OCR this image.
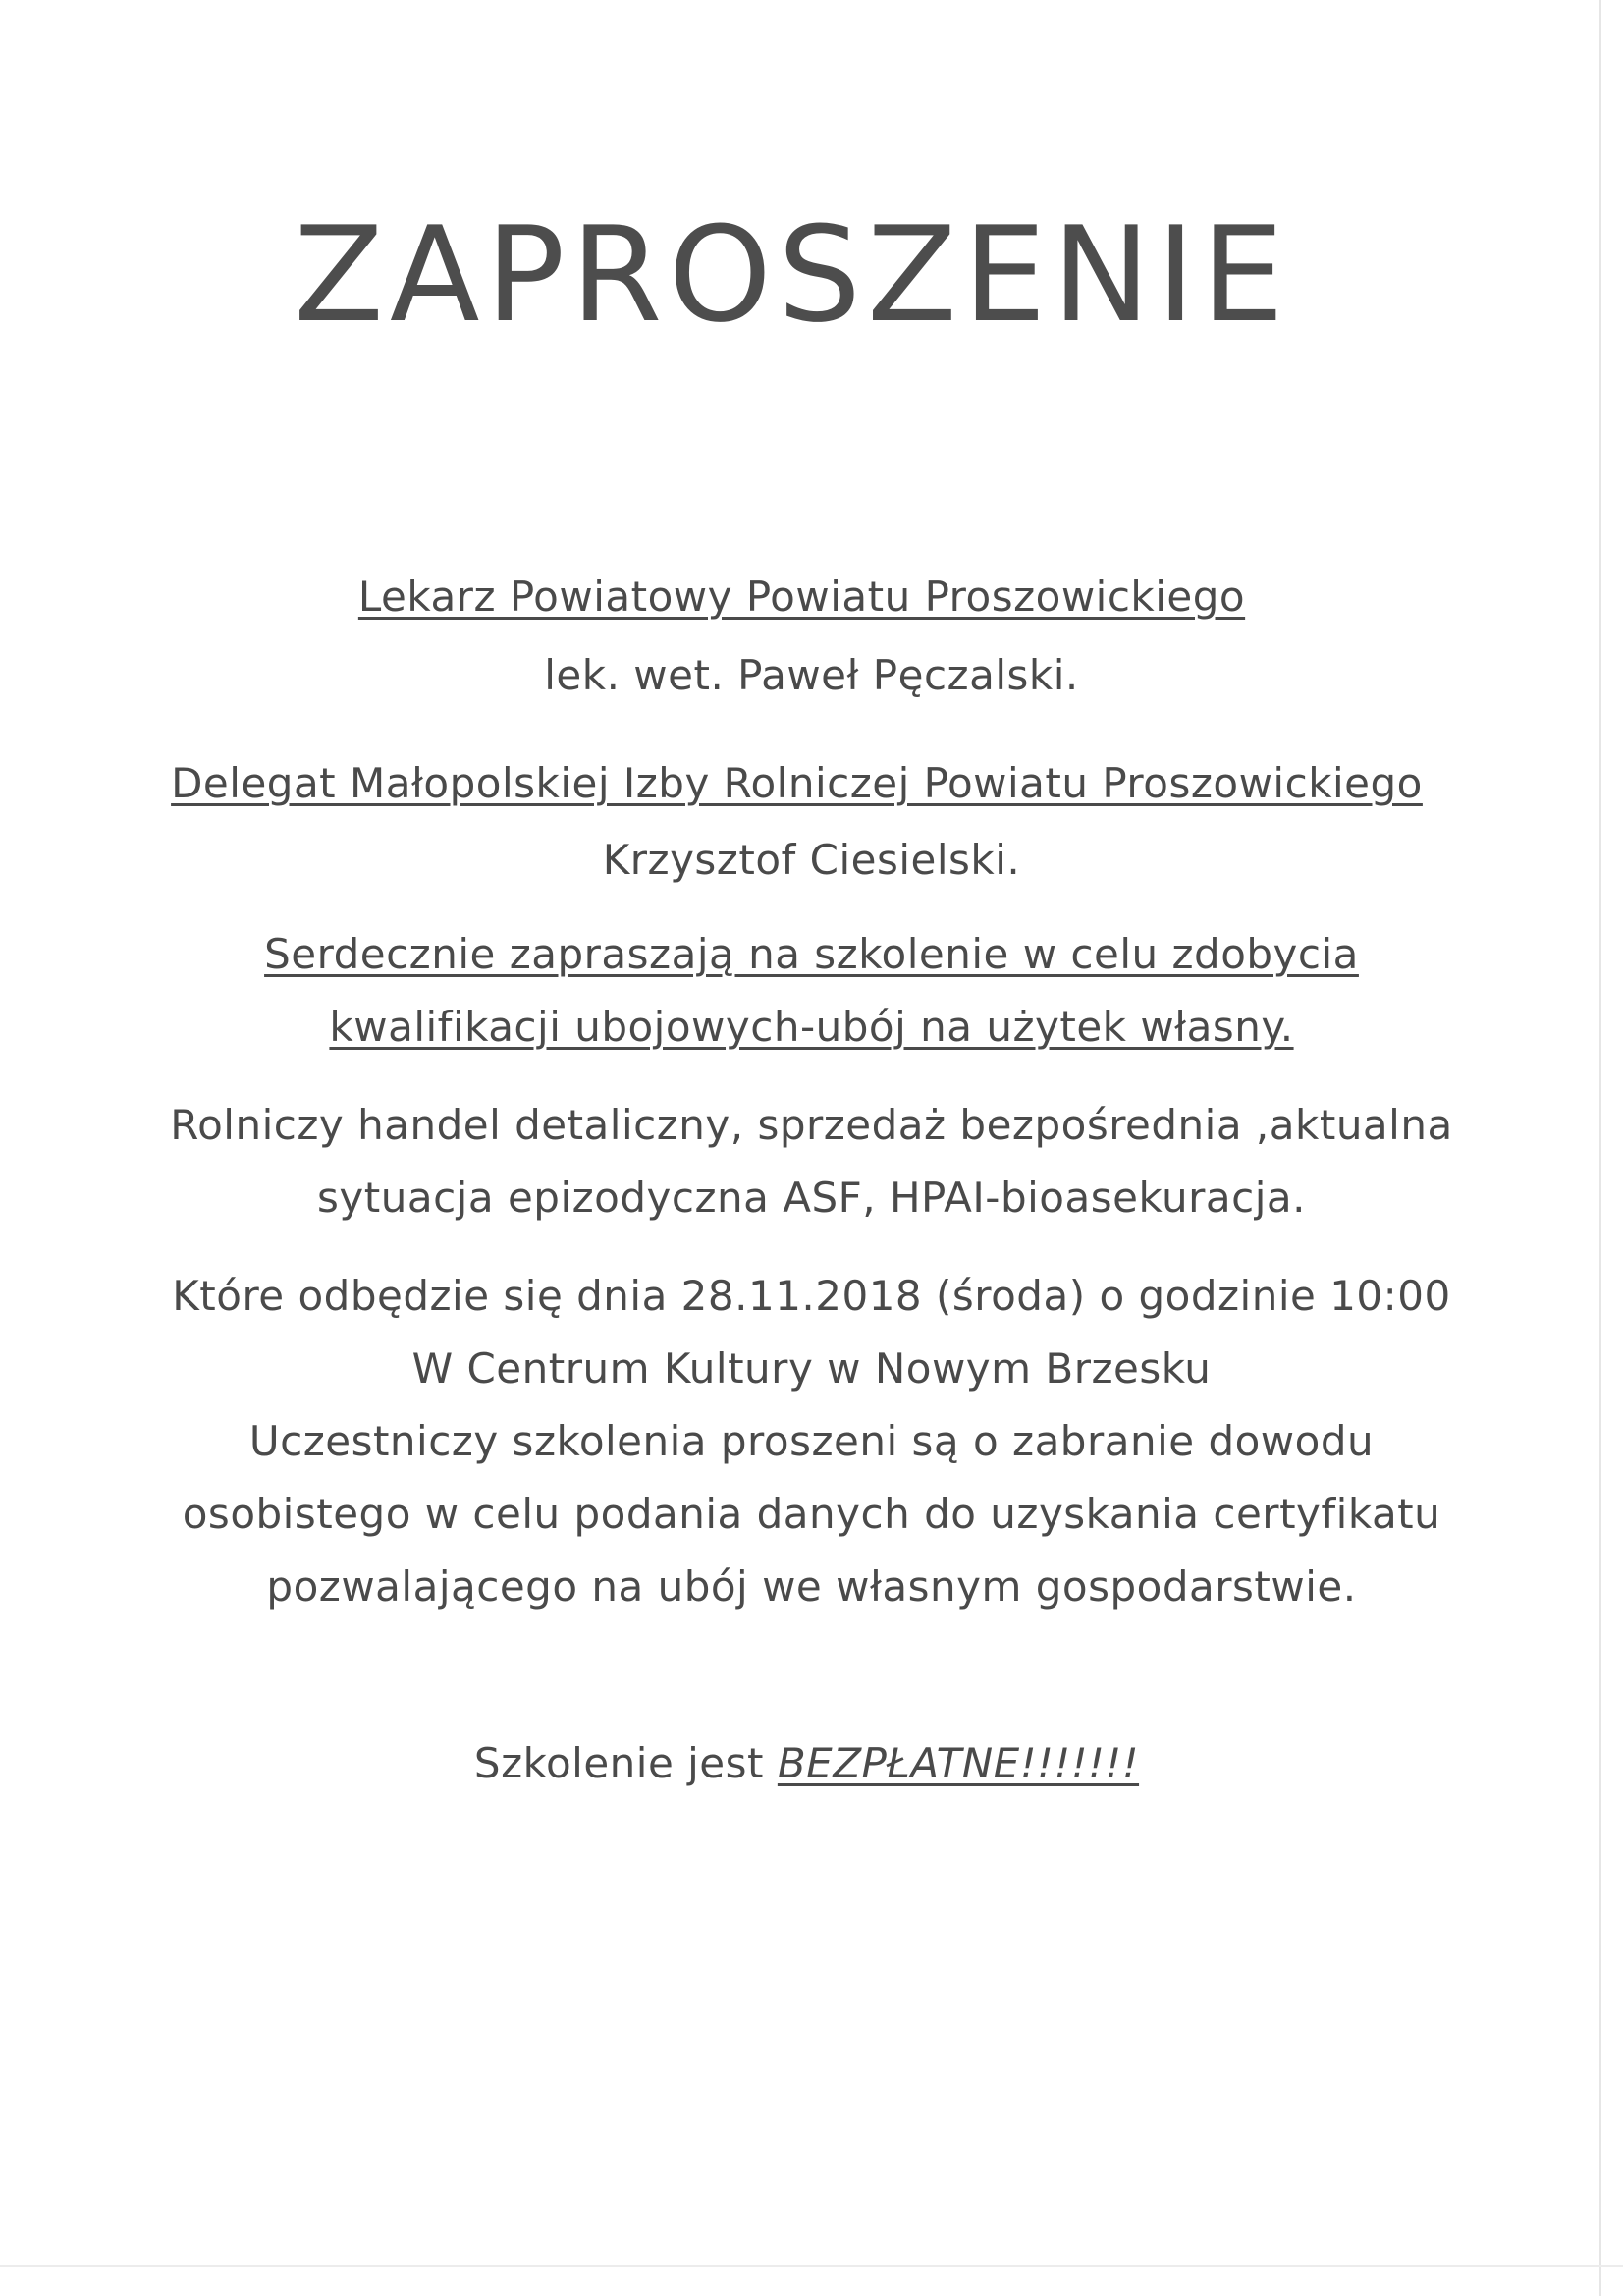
ZAPROSZENIE
Lekarz Powiatowy Powiatu Proszowickiego
lek. wet. Paweł Pęczalski.
Delegat Małopolskiej Izby Rolniczej Powiatu Proszowickiego
Krzysztof Ciesielski.
Serdecznie zapraszają na szkolenie w celu zdobycia
kwalifikacji ubojowych-ubój na użytek własny.
Rolniczy handel detaliczny, sprzedaż bezpośrednia ,aktualna
sytuacja epizodyczna ASF, HPAI-bioasekuracja.
Które odbędzie się dnia 28.11.2018 (środa) o godzinie 10:00
W Centrum Kultury w Nowym Brzesku
Uczestniczy szkolenia proszeni są o zabranie dowodu
osobistego w celu podania danych do uzyskania certyfikatu
pozwalającego na ubój we własnym gospodarstwie.
Szkolenie jest BEZPŁATNE!!!!!!!
